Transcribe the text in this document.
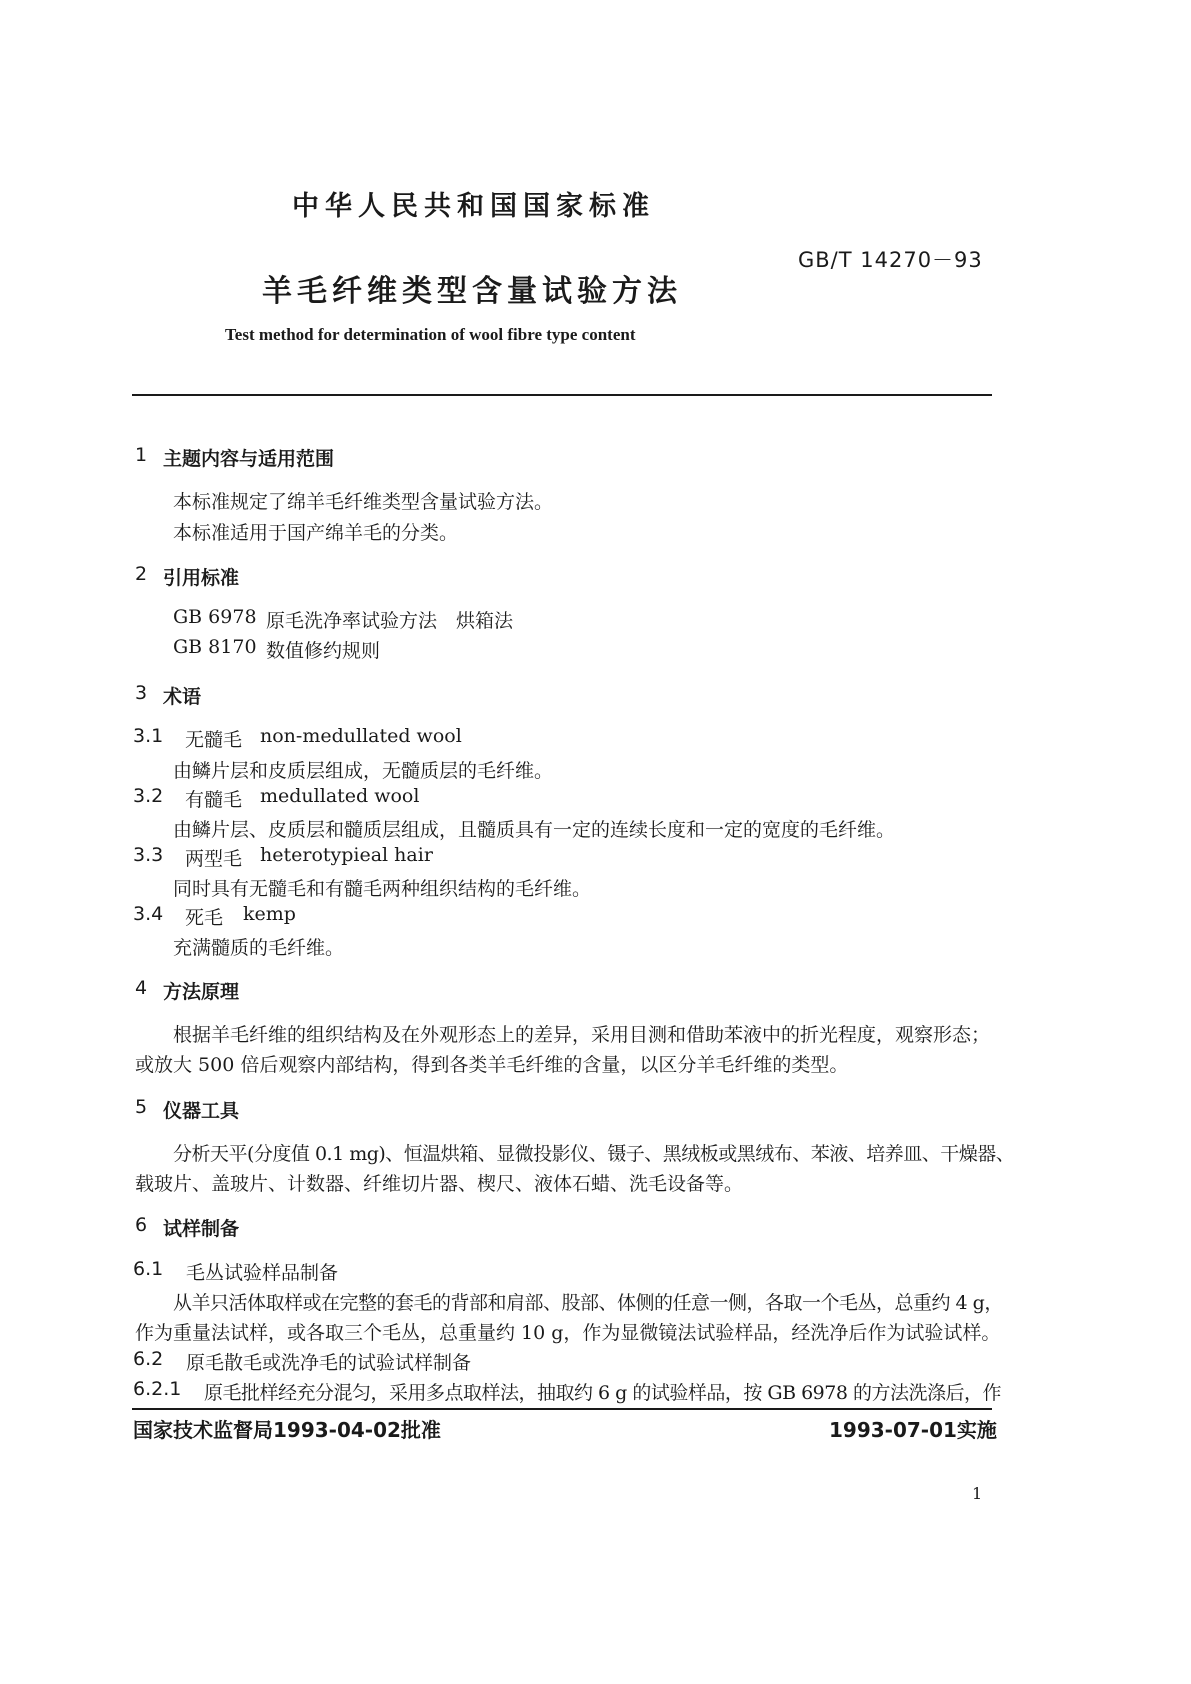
中华人民共和国国家标准
GB/T 14270－93
羊毛纤维类型含量试验方法
Test method for determination of wool fibre type content
1 主题内容与适用范围
本标准规定了绵羊毛纤维类型含量试验方法。
本标准适用于国产绵羊毛的分类。
2 引用标准
GB 6978 原毛洗净率试验方法　烘箱法
GB 8170 数值修约规则
3 术语
3.1 无髓毛 non-medullated wool
由鳞片层和皮质层组成，无髓质层的毛纤维。
3.2 有髓毛 medullated wool
由鳞片层、皮质层和髓质层组成，且髓质具有一定的连续长度和一定的宽度的毛纤维。
3.3 两型毛 heterotypieal hair
同时具有无髓毛和有髓毛两种组织结构的毛纤维。
3.4 死毛 kemp
充满髓质的毛纤维。
4 方法原理
根据羊毛纤维的组织结构及在外观形态上的差异，采用目测和借助苯液中的折光程度，观察形态；
或放大 500 倍后观察内部结构，得到各类羊毛纤维的含量，以区分羊毛纤维的类型。
5 仪器工具
分析天平(分度值 0.1 mg)、恒温烘箱、显微投影仪、镊子、黑绒板或黑绒布、苯液、培养皿、干燥器、
载玻片、盖玻片、计数器、纤维切片器、楔尺、液体石蜡、洗毛设备等。
6 试样制备
6.1 毛丛试验样品制备
从羊只活体取样或在完整的套毛的背部和肩部、股部、体侧的任意一侧，各取一个毛丛，总重约 4 g，
作为重量法试样，或各取三个毛丛，总重量约 10 g，作为显微镜法试验样品，经洗净后作为试验试样。
6.2 原毛散毛或洗净毛的试验试样制备
6.2.1 原毛批样经充分混匀，采用多点取样法，抽取约 6 g 的试验样品，按 GB 6978 的方法洗涤后，作
国家技术监督局1993-04-02批准	1993-07-01实施
1
